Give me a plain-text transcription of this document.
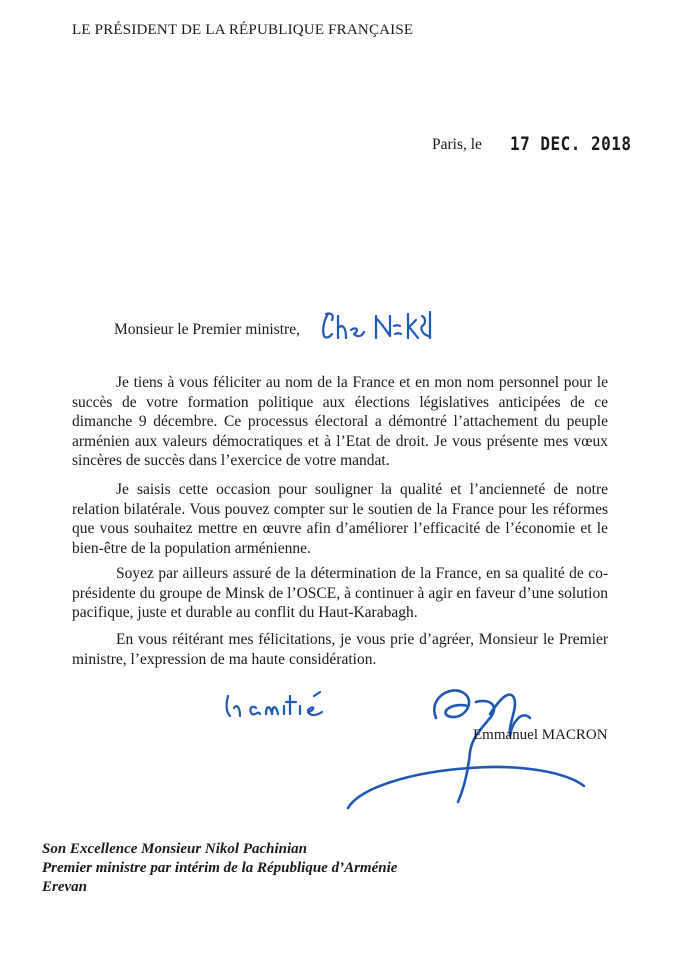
LE PRÉSIDENT DE LA RÉPUBLIQUE FRANÇAISE
Paris, le 17 DEC. 2018
Monsieur le Premier ministre,

Je tiens à vous féliciter au nom de la France et en mon nom personnel pour le succès de votre formation politique aux élections législatives anticipées de ce dimanche 9 décembre. Ce processus électoral a démontré l’attachement du peuple arménien aux valeurs démocratiques et à l’Etat de droit. Je vous présente mes vœux sincères de succès dans l’exercice de votre mandat.

Je saisis cette occasion pour souligner la qualité et l’ancienneté de notre relation bilatérale. Vous pouvez compter sur le soutien de la France pour les réformes que vous souhaitez mettre en œuvre afin d’améliorer l’efficacité de l’économie et le bien-être de la population arménienne.

Soyez par ailleurs assuré de la détermination de la France, en sa qualité de co-présidente du groupe de Minsk de l’OSCE, à continuer à agir en faveur d’une solution pacifique, juste et durable au conflit du Haut-Karabagh.

En vous réitérant mes félicitations, je vous prie d’agréer, Monsieur le Premier ministre, l’expression de ma haute considération.

Emmanuel MACRON
Son Excellence Monsieur Nikol Pachinian
Premier ministre par intérim de la République d’Arménie
Erevan
